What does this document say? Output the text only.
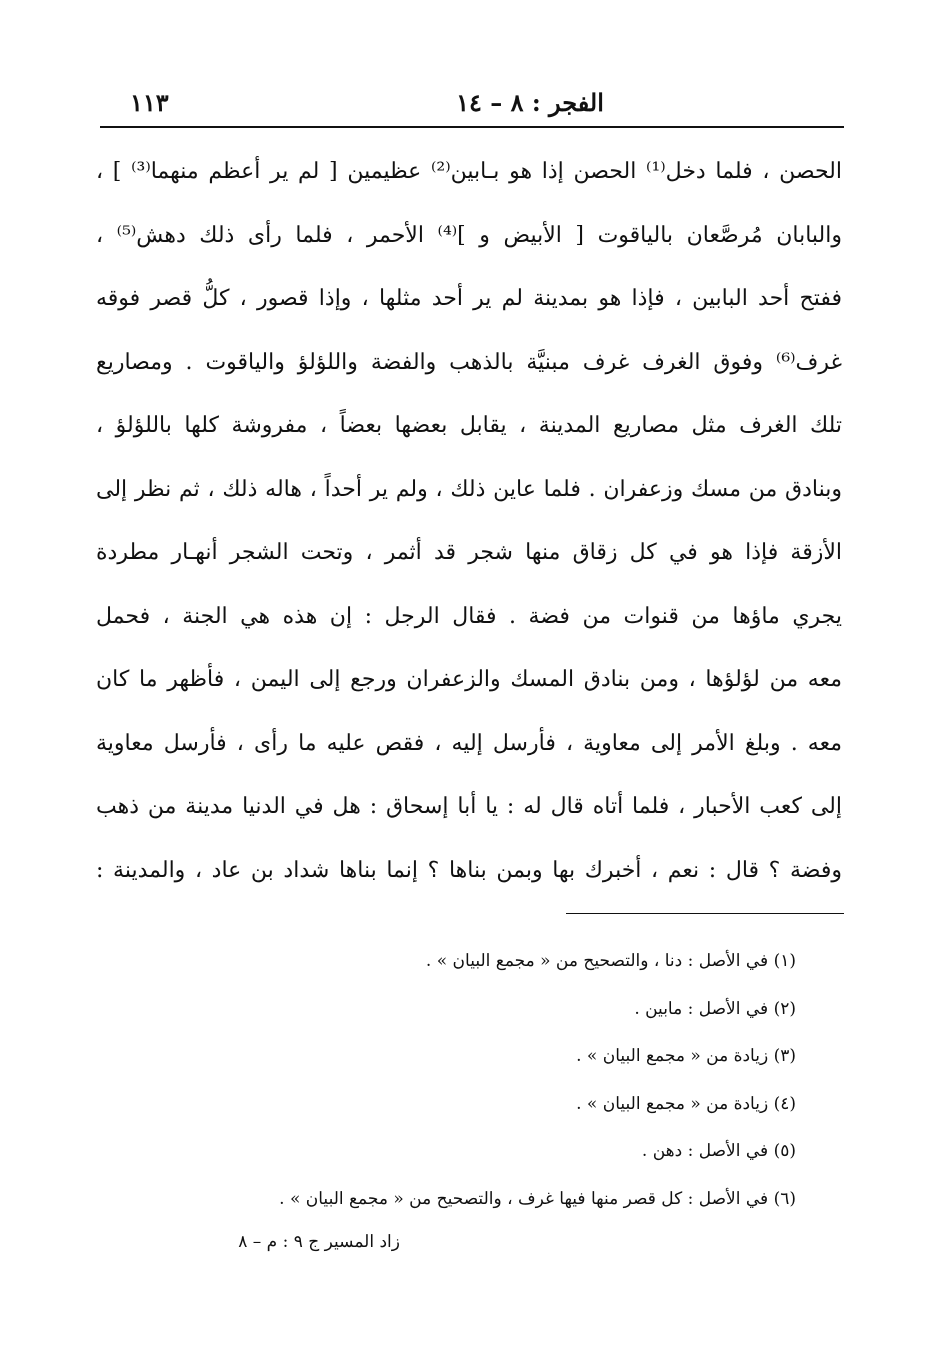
١١٣	الفجر : ٨ – ١٤
الحصن ، فلما دخل⁽¹⁾ الحصن إذا هو بـابين⁽²⁾ عظيمين [ لم ير أعظم منهما⁽³⁾ ] ،
والبابان مُرصَّعان بالياقوت [ الأبيض و ]⁽⁴⁾ الأحمر ، فلما رأى ذلك دهش⁽⁵⁾ ،
ففتح أحد البابين ، فإذا هو بمدينة لم ير أحد مثلها ، وإذا قصور ، كلُّ قصر فوقه
غرف⁽⁶⁾ وفوق الغرف غرف مبنيَّة بالذهب والفضة واللؤلؤ والياقوت . ومصاريع
تلك الغرف مثل مصاريع المدينة ، يقابل بعضها بعضاً ، مفروشة كلها باللؤلؤ ،
وبنادق من مسك وزعفران . فلما عاين ذلك ، ولم ير أحداً ، هاله ذلك ، ثم نظر إلى
الأزقة فإذا هو في كل زقاق منها شجر قد أثمر ، وتحت الشجر أنهـار مطردة
يجري ماؤها من قنوات من فضة . فقال الرجل : إن هذه هي الجنة ، فحمل
معه من لؤلؤها ، ومن بنادق المسك والزعفران ورجع إلى اليمن ، فأظهر ما كان
معه . وبلغ الأمر إلى معاوية ، فأرسل إليه ، فقص عليه ما رأى ، فأرسل معاوية
إلى كعب الأحبار ، فلما أتاه قال له : يا أبا إسحاق : هل في الدنيا مدينة من ذهب
وفضة ؟ قال : نعم ، أخبرك بها وبمن بناها ؟ إنما بناها شداد بن عاد ، والمدينة :
(١) في الأصل : دنا ، والتصحيح من « مجمع البيان » .
(٢) في الأصل : مابين .
(٣) زيادة من « مجمع البيان » .
(٤) زيادة من « مجمع البيان » .
(٥) في الأصل : دهن .
(٦) في الأصل : كل قصر منها فيها غرف ، والتصحيح من « مجمع البيان » .
زاد المسير ج ٩ : م – ٨
